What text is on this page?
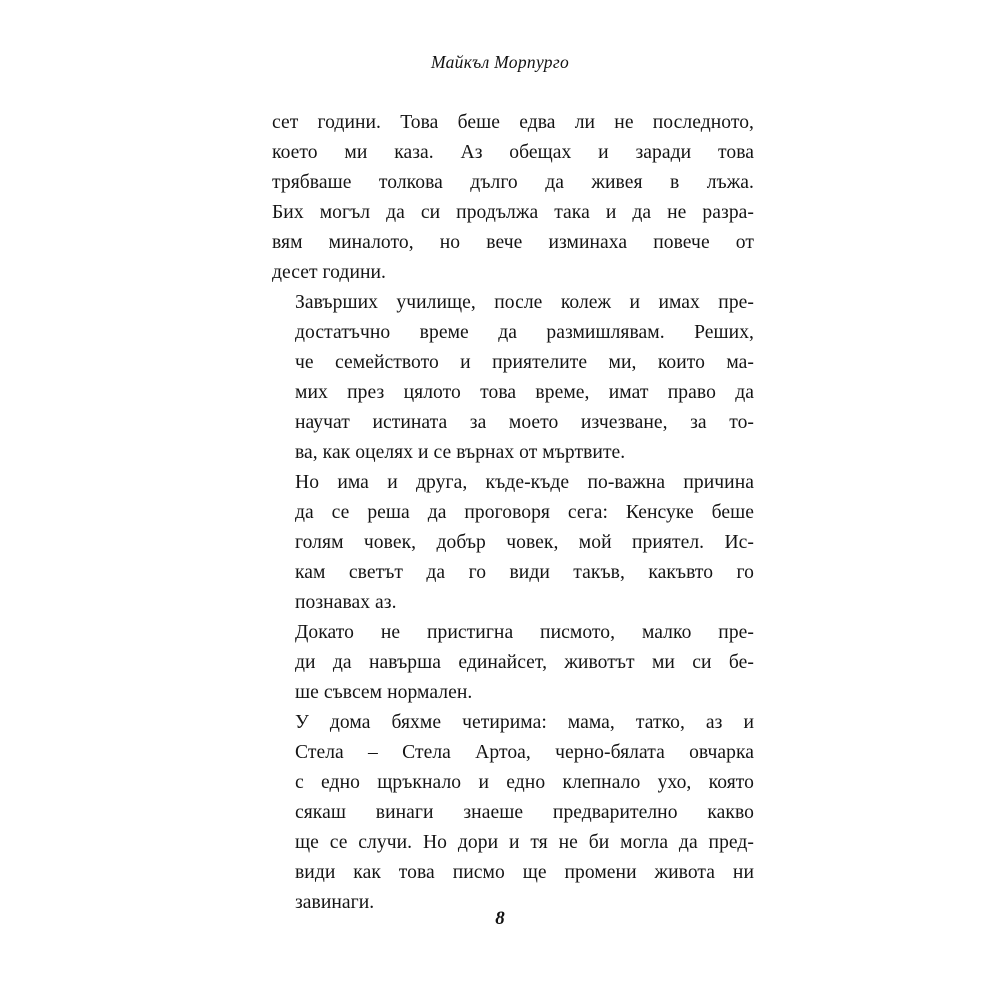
Майкъл Морпурго

сет години. Това беше едва ли не последното,
което ми каза. Аз обещах и заради това
трябваше толкова дълго да живея в лъжа.
Бих могъл да си продължа така и да не разра-
вям миналото, но вече изминаха повече от
десет години.

Завърших училище, после колеж и имах пре-
достатъчно време да размишлявам. Реших,
че семейството и приятелите ми, които ма-
мих през цялото това време, имат право да
научат истината за моето изчезване, за то-
ва, как оцелях и се върнах от мъртвите.

Но има и друга, къде-къде по-важна причина
да се реша да проговоря сега: Кенсуке беше
голям човек, добър човек, мой приятел. Ис-
кам светът да го види такъв, какъвто го
познавах аз.

Докато не пристигна писмото, малко пре-
ди да навърша единайсет, животът ми си бе-
ше съвсем нормален.

У дома бяхме четирима: мама, татко, аз и
Стела – Стела Артоа, черно-бялата овчарка
с едно щръкнало и едно клепнало ухо, която
сякаш винаги знаеше предварително какво
ще се случи. Но дори и тя не би могла да пред-
види как това писмо ще промени живота ни
завинаги.

8
